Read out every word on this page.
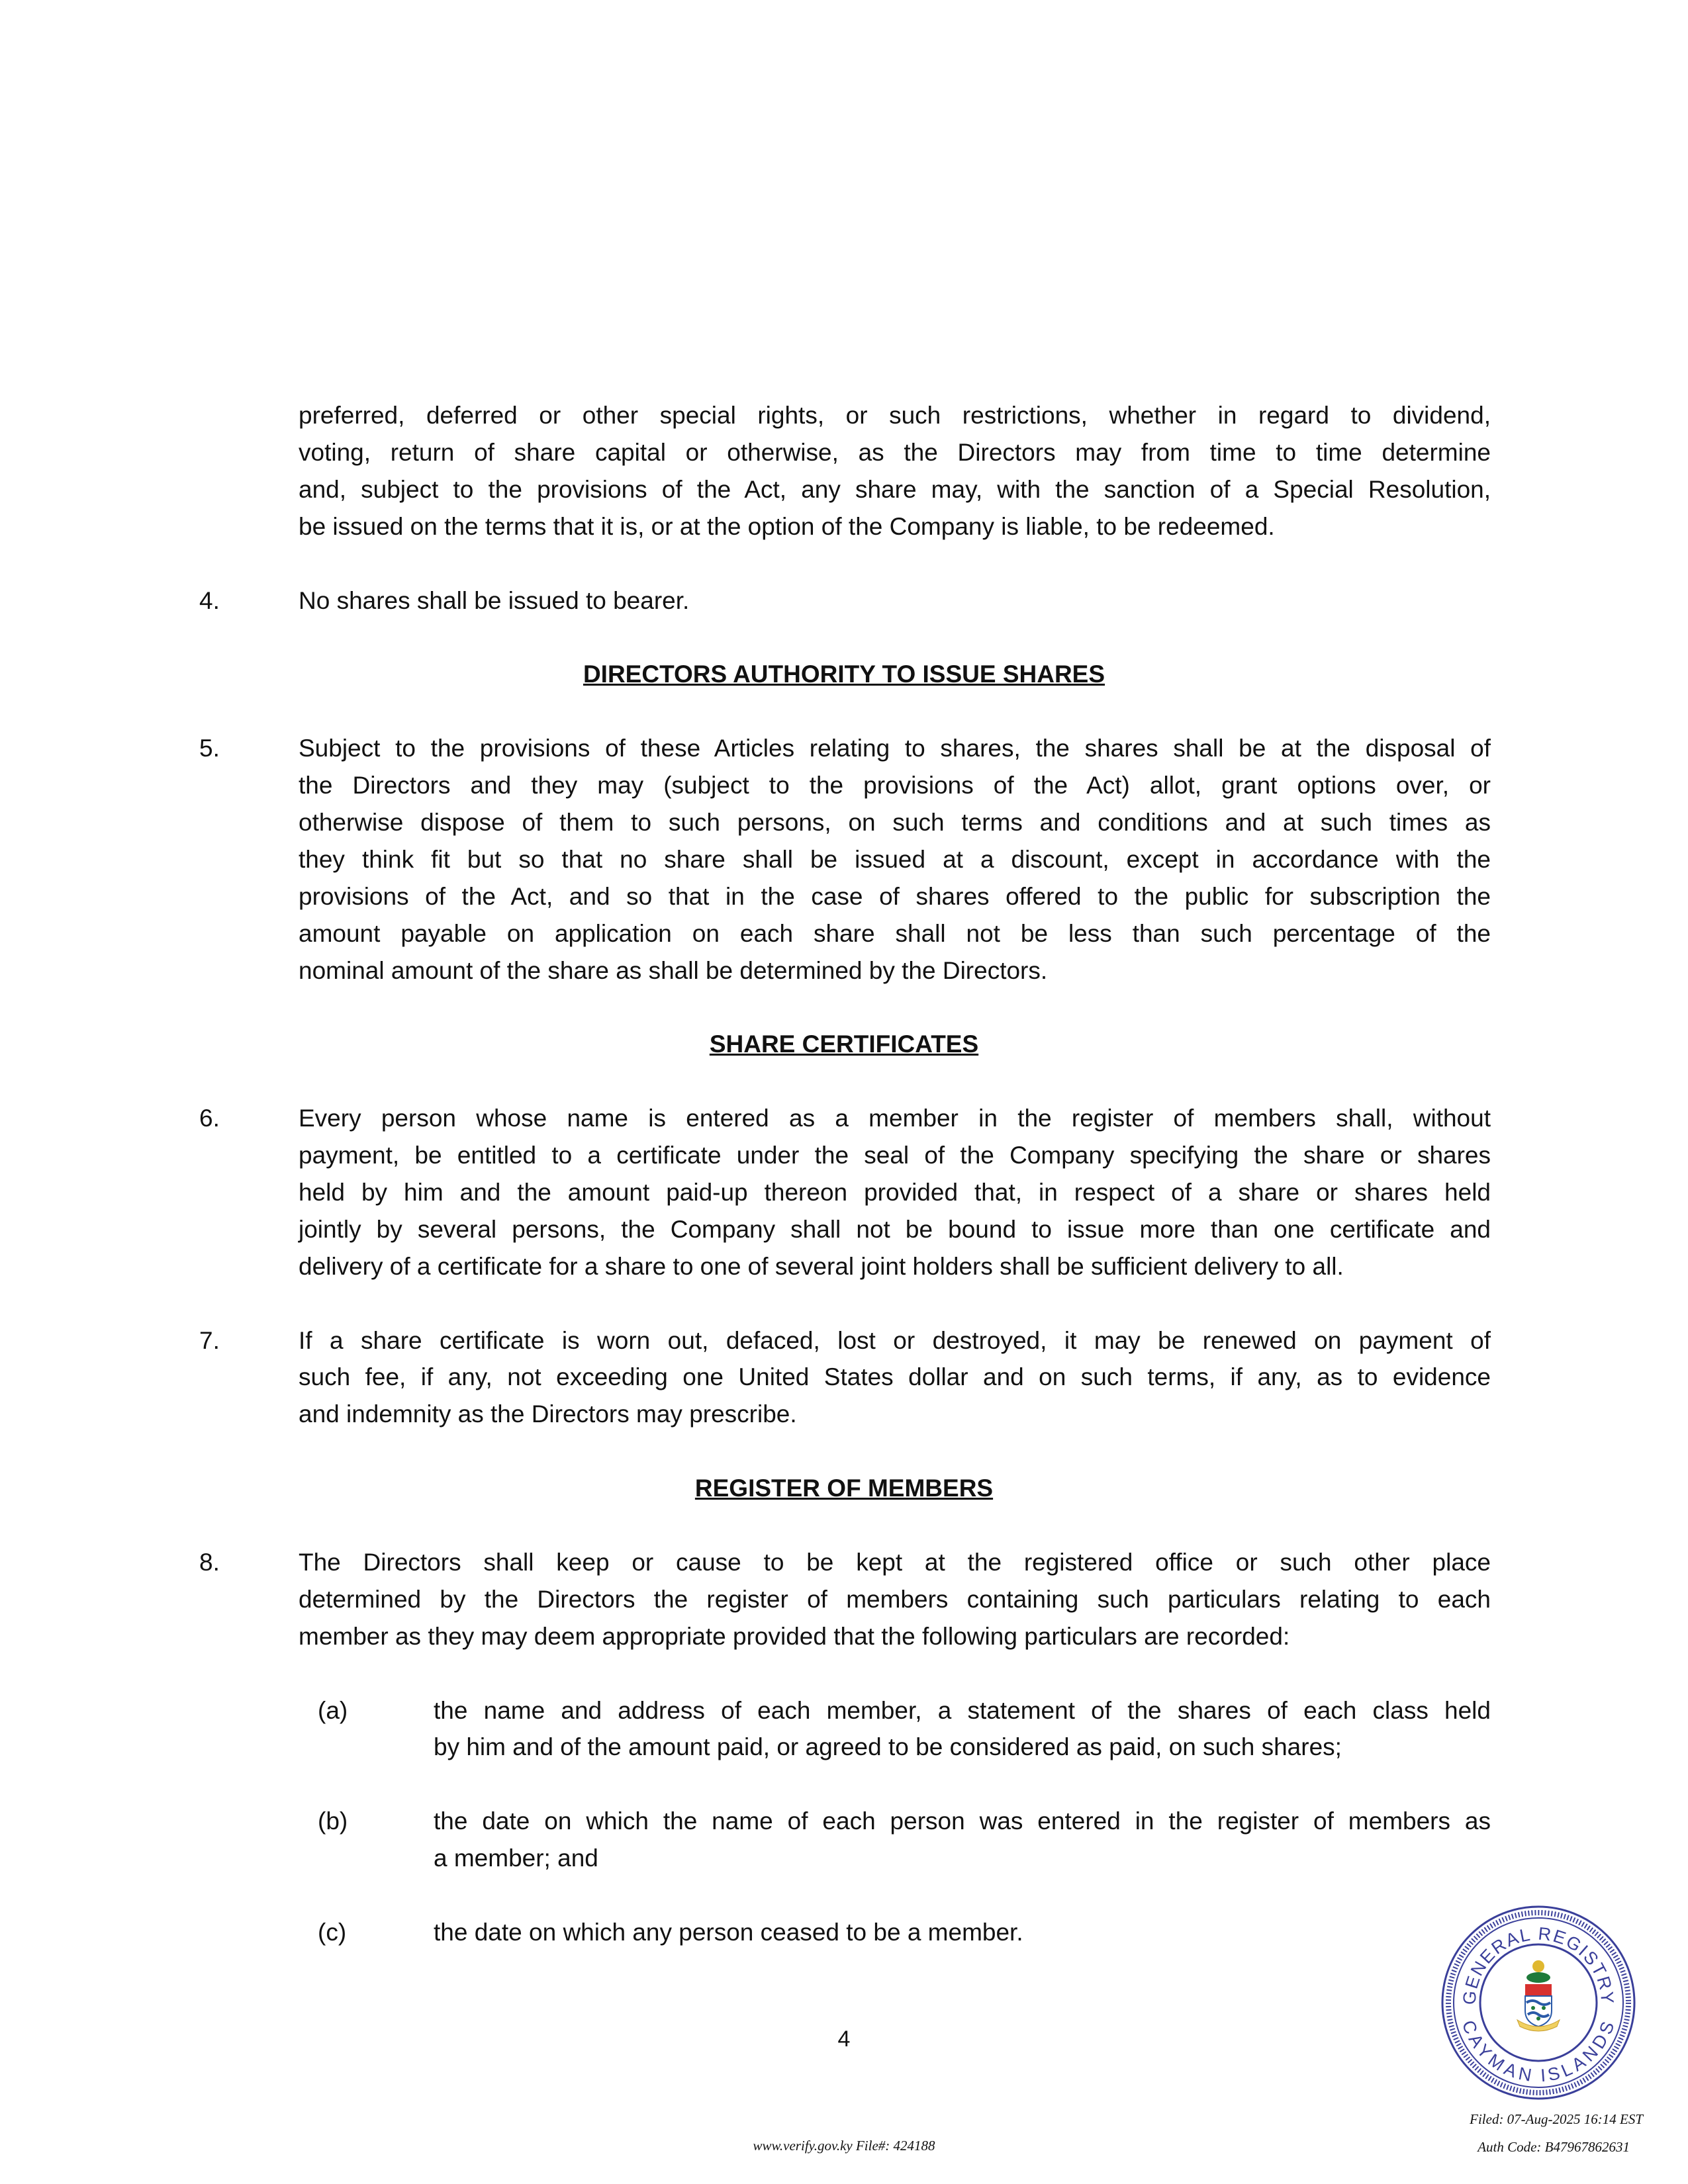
preferred, deferred or other special rights, or such restrictions, whether in regard to dividend,
voting, return of share capital or otherwise, as the Directors may from time to time determine
and, subject to the provisions of the Act, any share may, with the sanction of a Special Resolution,
be issued on the terms that it is, or at the option of the Company is liable, to be redeemed.
4.	No shares shall be issued to bearer.
DIRECTORS AUTHORITY TO ISSUE SHARES
5.	Subject to the provisions of these Articles relating to shares, the shares shall be at the disposal of
the Directors and they may (subject to the provisions of the Act) allot, grant options over, or
otherwise dispose of them to such persons, on such terms and conditions and at such times as
they think fit but so that no share shall be issued at a discount, except in accordance with the
provisions of the Act, and so that in the case of shares offered to the public for subscription the
amount payable on application on each share shall not be less than such percentage of the
nominal amount of the share as shall be determined by the Directors.
SHARE CERTIFICATES
6.	Every person whose name is entered as a member in the register of members shall, without
payment, be entitled to a certificate under the seal of the Company specifying the share or shares
held by him and the amount paid-up thereon provided that, in respect of a share or shares held
jointly by several persons, the Company shall not be bound to issue more than one certificate and
delivery of a certificate for a share to one of several joint holders shall be sufficient delivery to all.
7.	If a share certificate is worn out, defaced, lost or destroyed, it may be renewed on payment of
such fee, if any, not exceeding one United States dollar and on such terms, if any, as to evidence
and indemnity as the Directors may prescribe.
REGISTER OF MEMBERS
8.	The Directors shall keep or cause to be kept at the registered office or such other place
determined by the Directors the register of members containing such particulars relating to each
member as they may deem appropriate provided that the following particulars are recorded:
(a)	the name and address of each member, a statement of the shares of each class held
by him and of the amount paid, or agreed to be considered as paid, on such shares;
(b)	the date on which the name of each person was entered in the register of members as
a member; and
(c)	the date on which any person ceased to be a member.
4
GENERAL REGISTRY
CAYMAN ISLANDS
Filed: 07-Aug-2025 16:14 EST
Auth Code: B47967862631
www.verify.gov.ky File#: 424188
